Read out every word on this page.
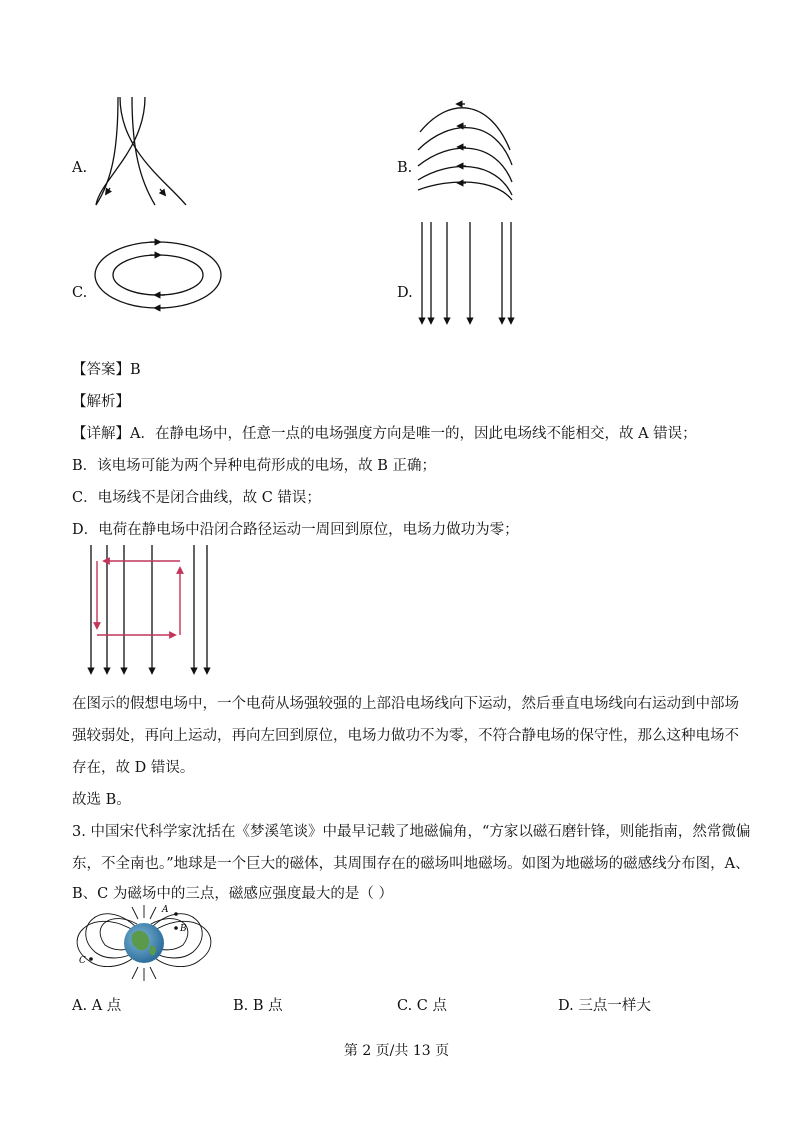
A.	B.
C.	D.
A
B
C
【答案】B
【解析】
【详解】A．在静电场中，任意一点的电场强度方向是唯一的，因此电场线不能相交，故 A 错误；
B．该电场可能为两个异种电荷形成的电场，故 B 正确；
C．电场线不是闭合曲线，故 C 错误；
D．电荷在静电场中沿闭合路径运动一周回到原位，电场力做功为零；
在图示的假想电场中，一个电荷从场强较强的上部沿电场线向下运动，然后垂直电场线向右运动到中部场
强较弱处，再向上运动，再向左回到原位，电场力做功不为零，不符合静电场的保守性，那么这种电场不
存在，故 D 错误。
故选 B。
3. 中国宋代科学家沈括在《梦溪笔谈》中最早记载了地磁偏角，“方家以磁石磨针锋，则能指南，然常微偏
东，不全南也。”地球是一个巨大的磁体，其周围存在的磁场叫地磁场。如图为地磁场的磁感线分布图，A、
B、C 为磁场中的三点，磁感应强度最大的是（ ）
A. A 点	B. B 点	C. C 点	D. 三点一样大
第 2 页/共 13 页
